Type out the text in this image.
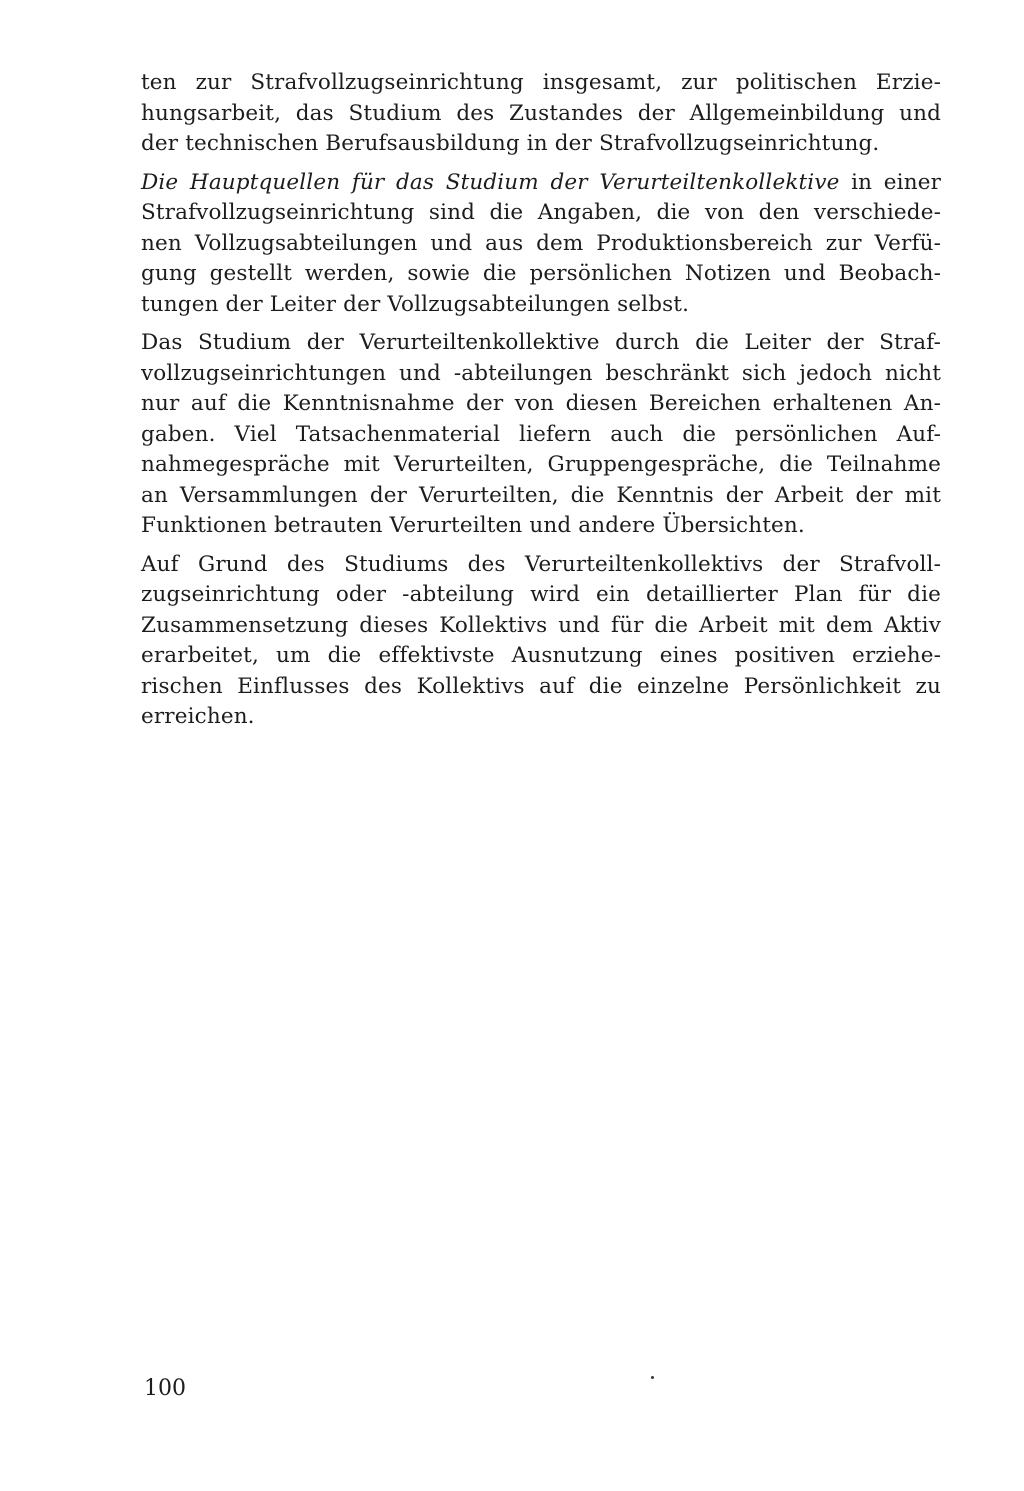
ten zur Strafvollzugseinrichtung insgesamt, zur politischen Erzie-
hungsarbeit, das Studium des Zustandes der Allgemeinbildung und
der technischen Berufsausbildung in der Strafvollzugseinrichtung.

Die Hauptquellen für das Studium der Verurteiltenkollektive in einer
Strafvollzugseinrichtung sind die Angaben, die von den verschiede-
nen Vollzugsabteilungen und aus dem Produktionsbereich zur Verfü-
gung gestellt werden, sowie die persönlichen Notizen und Beobach-
tungen der Leiter der Vollzugsabteilungen selbst.

Das Studium der Verurteiltenkollektive durch die Leiter der Straf-
vollzugseinrichtungen und -abteilungen beschränkt sich jedoch nicht
nur auf die Kenntnisnahme der von diesen Bereichen erhaltenen An-
gaben. Viel Tatsachenmaterial liefern auch die persönlichen Auf-
nahmegespräche mit Verurteilten, Gruppengespräche, die Teilnahme
an Versammlungen der Verurteilten, die Kenntnis der Arbeit der mit
Funktionen betrauten Verurteilten und andere Übersichten.

Auf Grund des Studiums des Verurteiltenkollektivs der Strafvoll-
zugseinrichtung oder -abteilung wird ein detaillierter Plan für die
Zusammensetzung dieses Kollektivs und für die Arbeit mit dem Aktiv
erarbeitet, um die effektivste Ausnutzung eines positiven erziehe-
rischen Einflusses des Kollektivs auf die einzelne Persönlichkeit zu
erreichen.

100
